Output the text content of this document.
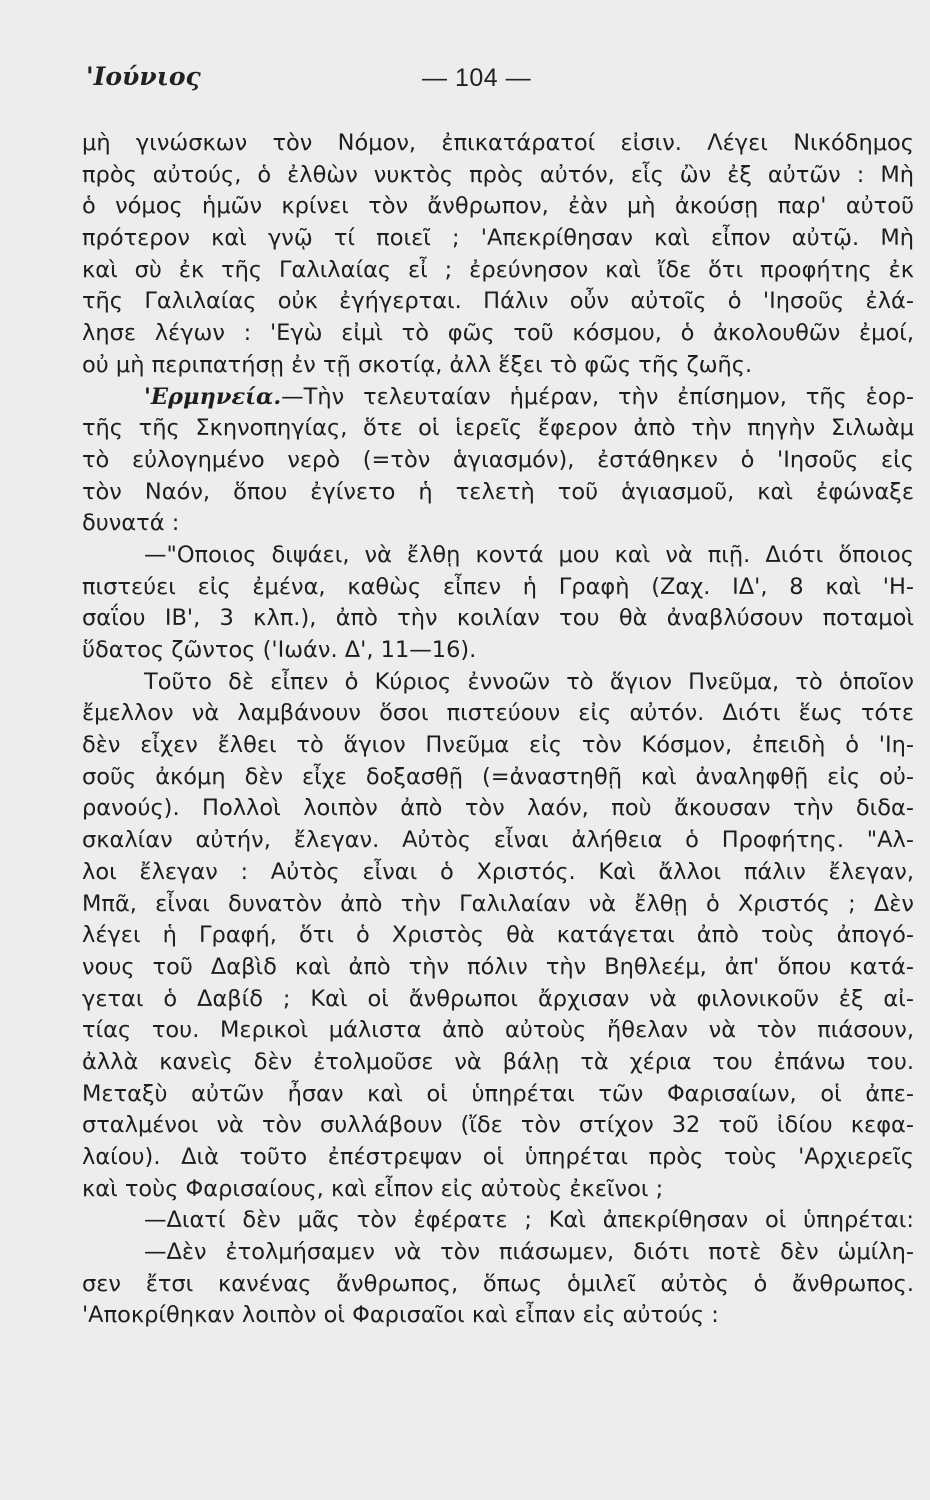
'Ιούνιος	— 104 —
μὴ γινώσκων τὸν Νόμον, ἐπικατάρατοί εἰσιν. Λέγει Νικόδημος
πρὸς αὐτούς, ὁ ἐλθὼν νυκτὸς πρὸς αὐτόν, εἷς ὢν ἐξ αὐτῶν : Μὴ
ὁ νόμος ἡμῶν κρίνει τὸν ἄνθρωπον, ἐὰν μὴ ἀκούσῃ παρ' αὐτοῦ
πρότερον καὶ γνῷ τί ποιεῖ ; 'Απεκρίθησαν καὶ εἶπον αὐτῷ. Μὴ
καὶ σὺ ἐκ τῆς Γαλιλαίας εἶ ; ἐρεύνησον καὶ ἴδε ὅτι προφήτης ἐκ
τῆς Γαλιλαίας οὐκ ἐγήγερται. Πάλιν οὖν αὐτοῖς ὁ 'Ιησοῦς ἐλά-
λησε λέγων : 'Εγὼ εἰμὶ τὸ φῶς τοῦ κόσμου, ὁ ἀκολουθῶν ἐμοί,
οὐ μὴ περιπατήσῃ ἐν τῇ σκοτίᾳ, ἀλλ ἕξει τὸ φῶς τῆς ζωῆς.
'Ερμηνεία.—Τὴν τελευταίαν ἡμέραν, τὴν ἐπίσημον, τῆς ἑορ-
τῆς τῆς Σκηνοπηγίας, ὅτε οἱ ἱερεῖς ἔφερον ἀπὸ τὴν πηγὴν Σιλωὰμ
τὸ εὐλογημένο νερὸ (=τὸν ἁγιασμόν), ἐστάθηκεν ὁ 'Ιησοῦς εἰς
τὸν Ναόν, ὅπου ἐγίνετο ἡ τελετὴ τοῦ ἁγιασμοῦ, καὶ ἐφώναξε
δυνατά :
—"Οποιος διψάει, νὰ ἔλθῃ κοντά μου καὶ νὰ πιῇ. Διότι ὅποιος
πιστεύει εἰς ἐμένα, καθὼς εἶπεν ἡ Γραφὴ (Ζαχ. ΙΔ', 8 καὶ 'Η-
σαΐου ΙΒ', 3 κλπ.), ἀπὸ τὴν κοιλίαν του θὰ ἀναβλύσουν ποταμοὶ
ὕδατος ζῶντος ('Ιωάν. Δ', 11—16).
Τοῦτο δὲ εἶπεν ὁ Κύριος ἐννοῶν τὸ ἅγιον Πνεῦμα, τὸ ὁποῖον
ἔμελλον νὰ λαμβάνουν ὅσοι πιστεύουν εἰς αὐτόν. Διότι ἕως τότε
δὲν εἶχεν ἔλθει τὸ ἅγιον Πνεῦμα εἰς τὸν Κόσμον, ἐπειδὴ ὁ 'Ιη-
σοῦς ἀκόμη δὲν εἶχε δοξασθῇ (=ἀναστηθῇ καὶ ἀναληφθῇ εἰς οὐ-
ρανούς). Πολλοὶ λοιπὸν ἀπὸ τὸν λαόν, ποὺ ἄκουσαν τὴν διδα-
σκαλίαν αὐτήν, ἔλεγαν. Αὐτὸς εἶναι ἀλήθεια ὁ Προφήτης. "Αλ-
λοι ἔλεγαν : Αὐτὸς εἶναι ὁ Χριστός. Καὶ ἄλλοι πάλιν ἔλεγαν,
Μπᾶ, εἶναι δυνατὸν ἀπὸ τὴν Γαλιλαίαν νὰ ἔλθῃ ὁ Χριστός ; Δὲν
λέγει ἡ Γραφή, ὅτι ὁ Χριστὸς θὰ κατάγεται ἀπὸ τοὺς ἀπογό-
νους τοῦ Δαβὶδ καὶ ἀπὸ τὴν πόλιν τὴν Βηθλεέμ, ἀπ' ὅπου κατά-
γεται ὁ Δαβίδ ; Καὶ οἱ ἄνθρωποι ἄρχισαν νὰ φιλονικοῦν ἐξ αἰ-
τίας του. Μερικοὶ μάλιστα ἀπὸ αὐτοὺς ἤθελαν νὰ τὸν πιάσουν,
ἀλλὰ κανεὶς δὲν ἐτολμοῦσε νὰ βάλῃ τὰ χέρια του ἐπάνω του.
Μεταξὺ αὐτῶν ἦσαν καὶ οἱ ὑπηρέται τῶν Φαρισαίων, οἱ ἀπε-
σταλμένοι νὰ τὸν συλλάβουν (ἴδε τὸν στίχον 32 τοῦ ἰδίου κεφα-
λαίου). Διὰ τοῦτο ἐπέστρεψαν οἱ ὑπηρέται πρὸς τοὺς 'Αρχιερεῖς
καὶ τοὺς Φαρισαίους, καὶ εἶπον εἰς αὐτοὺς ἐκεῖνοι ;
—Διατί δὲν μᾶς τὸν ἐφέρατε ; Καὶ ἀπεκρίθησαν οἱ ὑπηρέται:
—Δὲν ἐτολμήσαμεν νὰ τὸν πιάσωμεν, διότι ποτὲ δὲν ὡμίλη-
σεν ἔτσι κανένας ἄνθρωπος, ὅπως ὁμιλεῖ αὐτὸς ὁ ἄνθρωπος.
'Αποκρίθηκαν λοιπὸν οἱ Φαρισαῖοι καὶ εἶπαν εἰς αὐτούς :
